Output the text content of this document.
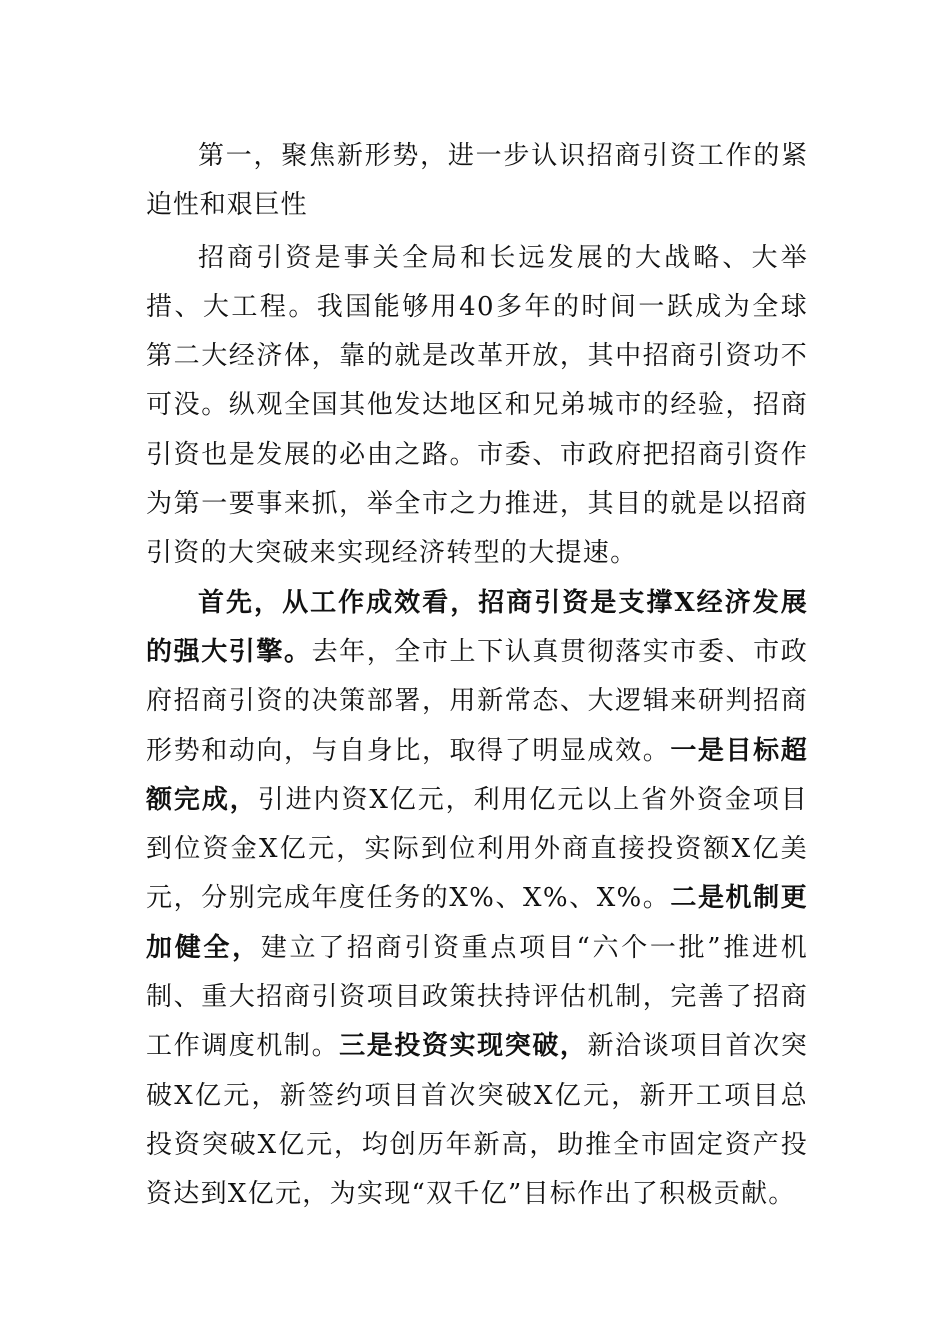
第一，聚焦新形势，进一步认识招商引资工作的紧迫性和艰巨性

招商引资是事关全局和长远发展的大战略、大举措、大工程。我国能够用40多年的时间一跃成为全球第二大经济体，靠的就是改革开放，其中招商引资功不可没。纵观全国其他发达地区和兄弟城市的经验，招商引资也是发展的必由之路。市委、市政府把招商引资作为第一要事来抓，举全市之力推进，其目的就是以招商引资的大突破来实现经济转型的大提速。

首先，从工作成效看，招商引资是支撑X经济发展的强大引擎。去年，全市上下认真贯彻落实市委、市政府招商引资的决策部署，用新常态、大逻辑来研判招商形势和动向，与自身比，取得了明显成效。一是目标超额完成，引进内资X亿元，利用亿元以上省外资金项目到位资金X亿元，实际到位利用外商直接投资额X亿美元，分别完成年度任务的X%、X%、X%。二是机制更加健全，建立了招商引资重点项目“六个一批”推进机制、重大招商引资项目政策扶持评估机制，完善了招商工作调度机制。三是投资实现突破，新洽谈项目首次突破X亿元，新签约项目首次突破X亿元，新开工项目总投资突破X亿元，均创历年新高，助推全市固定资产投资达到X亿元，为实现“双千亿”目标作出了积极贡献。
